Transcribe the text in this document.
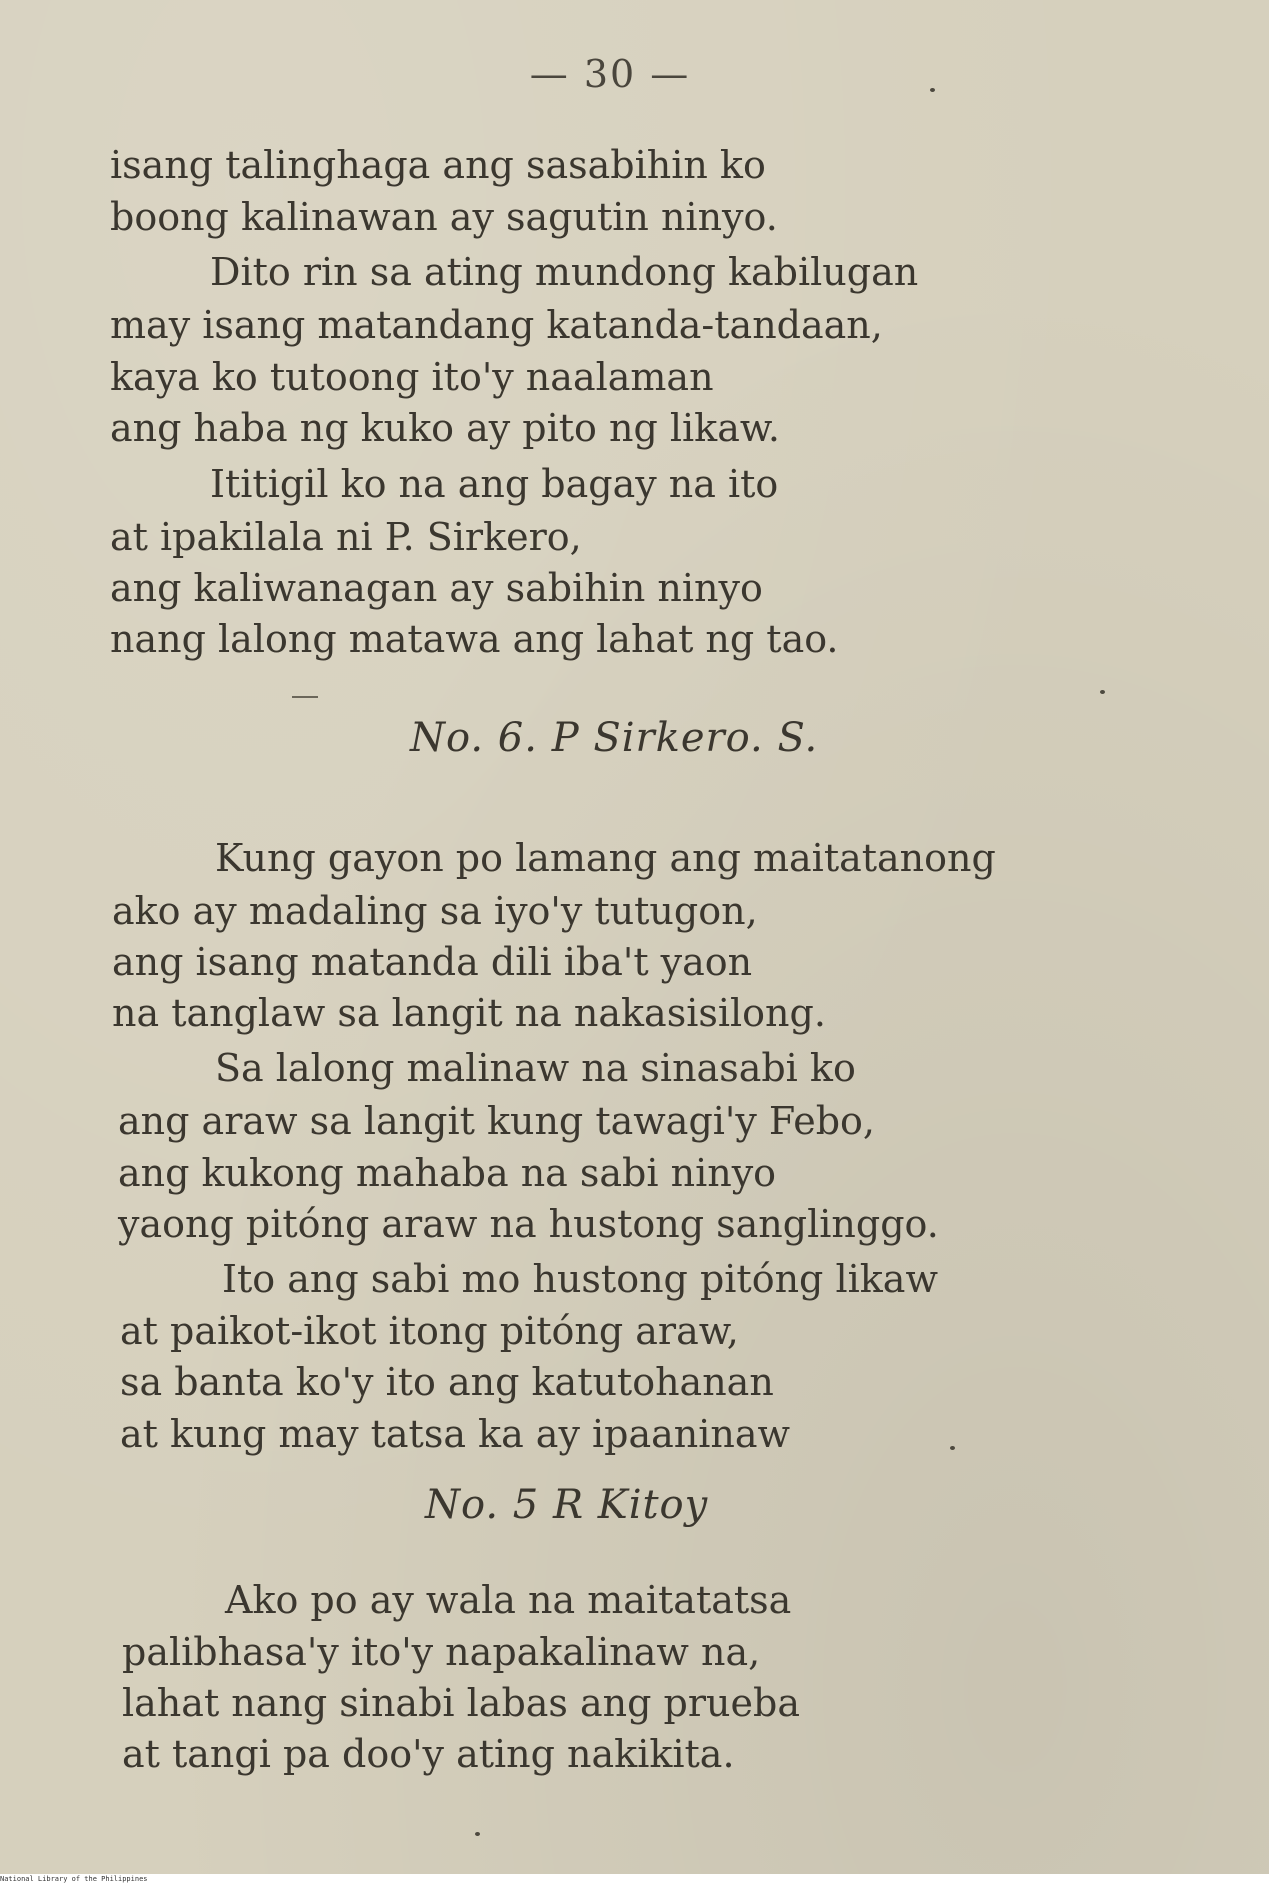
— 30 —
isang talinghaga ang sasabihin ko
boong kalinawan ay sagutin ninyo.
Dito rin sa ating mundong kabilugan
may isang matandang katanda-tandaan,
kaya ko tutoong ito'y naalaman
ang haba ng kuko ay pito ng likaw.
Ititigil ko na ang bagay na ito
at ipakilala ni P. Sirkero,
ang kaliwanagan ay sabihin ninyo
nang lalong matawa ang lahat ng tao.
No. 6. P Sirkero. S.
Kung gayon po lamang ang maitatanong
ako ay madaling sa iyo'y tutugon,
ang isang matanda dili iba't yaon
na tanglaw sa langit na nakasisilong.
Sa lalong malinaw na sinasabi ko
ang araw sa langit kung tawagi'y Febo,
ang kukong mahaba na sabi ninyo
yaong pitóng araw na hustong sanglinggo.
Ito ang sabi mo hustong pitóng likaw
at paikot-ikot itong pitóng araw,
sa banta ko'y ito ang katutohanan
at kung may tatsa ka ay ipaaninaw
No. 5 R Kitoy
Ako po ay wala na maitatatsa
palibhasa'y ito'y napakalinaw na,
lahat nang sinabi labas ang prueba
at tangi pa doo'y ating nakikita.
National Library of the Philippines
